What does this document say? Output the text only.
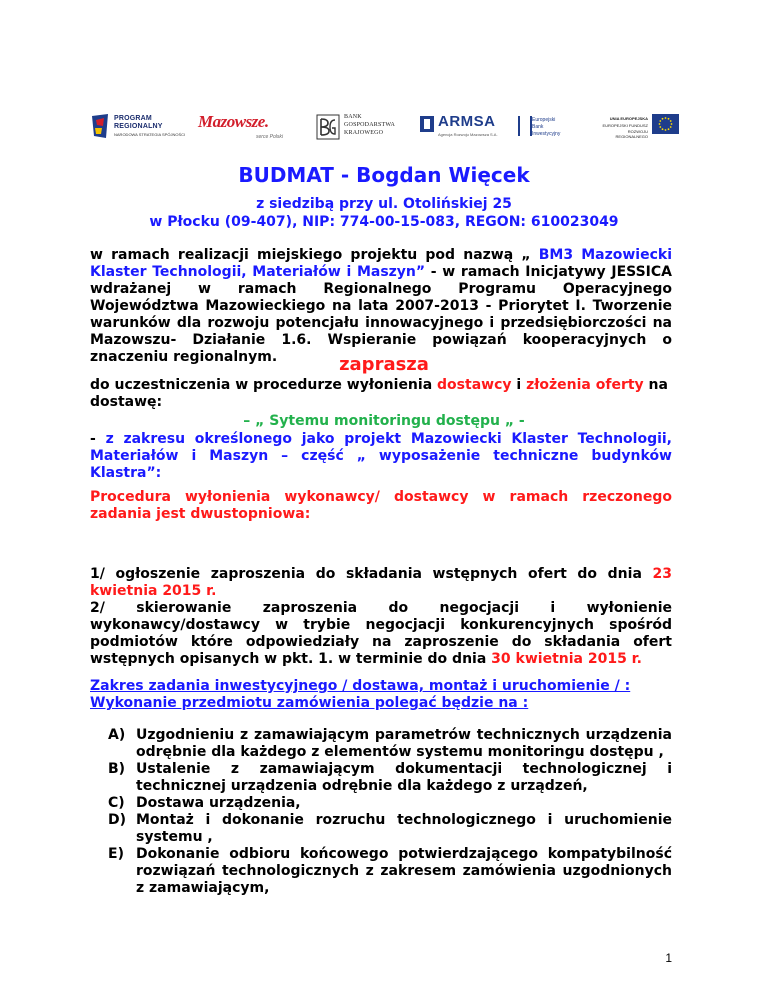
PROGRAM
REGIONALNY
NARODOWA STRATEGIA SPÓJNOŚCI
Mazowsze.
serce Polski
BANK
GOSPODARSTWA
KRAJOWEGO
ARMSA
Agencja Rozwoju Mazowsza S.A.
Europejski
Bank
Inwestycyjny
UNIA EUROPEJSKA
EUROPEJSKI FUNDUSZ
ROZWOJU REGIONALNEGO
BUDMAT - Bogdan Więcek
z siedzibą przy ul. Otolińskiej 25
w Płocku (09-407), NIP: 774-00-15-083, REGON: 610023049
w ramach realizacji miejskiego projektu pod nazwą „ BM3 Mazowiecki Klaster Technologii, Materiałów i Maszyn” - w ramach Inicjatywy JESSICA wdrażanej w ramach Regionalnego Programu Operacyjnego Województwa Mazowieckiego na lata 2007-2013 - Priorytet I. Tworzenie warunków dla rozwoju potencjału innowacyjnego i przedsiębiorczości na Mazowszu- Działanie 1.6. Wspieranie powiązań kooperacyjnych o znaczeniu regionalnym.	zaprasza
do uczestniczenia w procedurze wyłonienia dostawcy i złożenia oferty na dostawę:
– „ Sytemu monitoringu dostępu „ -
- z zakresu określonego jako projekt Mazowiecki Klaster Technologii, Materiałów i Maszyn – część „ wyposażenie techniczne budynków Klastra”:
Procedura wyłonienia wykonawcy/ dostawcy w ramach rzeczonego zadania jest dwustopniowa:
1/ ogłoszenie zaproszenia do składania wstępnych ofert do dnia 23 kwietnia 2015 r.
2/ skierowanie zaproszenia do negocjacji i wyłonienie wykonawcy/dostawcy w trybie negocjacji konkurencyjnych spośród podmiotów które odpowiedziały na zaproszenie do składania ofert wstępnych opisanych w pkt. 1. w terminie do dnia 30 kwietnia 2015 r.
Zakres zadania inwestycyjnego / dostawa, montaż i uruchomienie / :
Wykonanie przedmiotu zamówienia polegać będzie na :
A) Uzgodnieniu z zamawiającym parametrów technicznych urządzenia odrębnie dla każdego z elementów systemu monitoringu dostępu ,
B) Ustalenie z zamawiającym dokumentacji technologicznej i technicznej urządzenia odrębnie dla każdego z urządzeń,
C) Dostawa urządzenia,
D) Montaż i dokonanie rozruchu technologicznego i uruchomienie systemu ,
E) Dokonanie odbioru końcowego potwierdzającego kompatybilność rozwiązań technologicznych z zakresem zamówienia uzgodnionych z zamawiającym,
1
